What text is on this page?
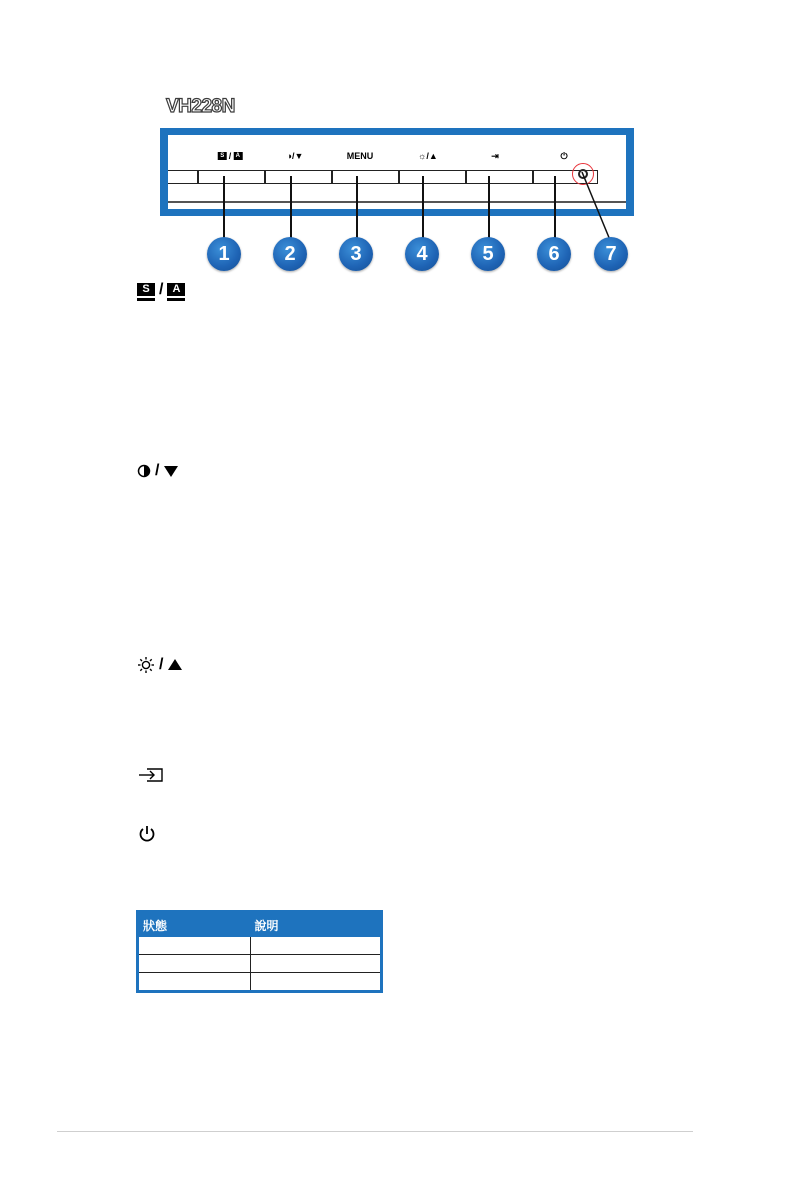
VH228N
S / A	◑/▼	MENU	☼/▲	⇥	⏻
1	2	3	4	5	6	7
S / A
/
/
狀態	說明
